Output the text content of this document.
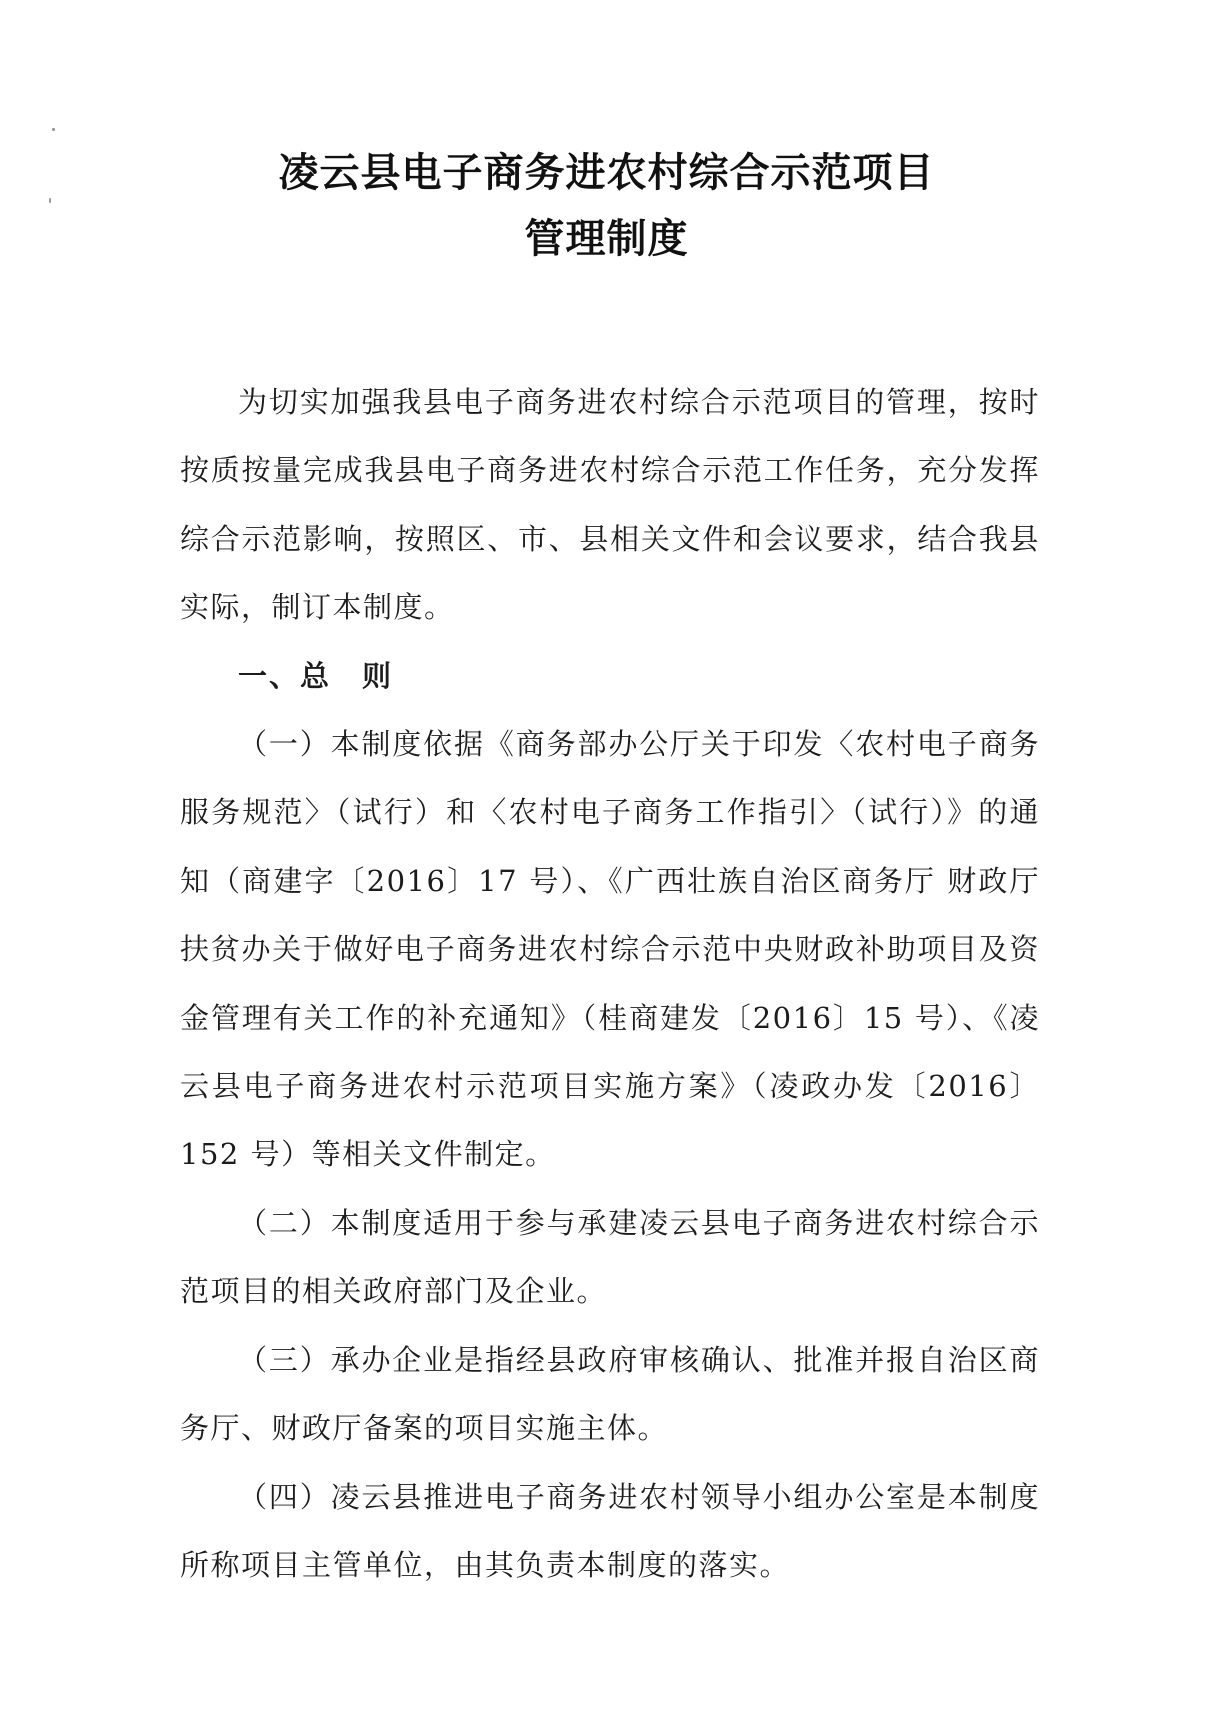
凌云县电子商务进农村综合示范项目
管理制度

为切实加强我县电子商务进农村综合示范项目的管理，按时按质按量完成我县电子商务进农村综合示范工作任务，充分发挥综合示范影响，按照区、市、县相关文件和会议要求，结合我县实际，制订本制度。

一、总　则

（一）本制度依据《商务部办公厅关于印发〈农村电子商务服务规范〉（试行）和〈农村电子商务工作指引〉（试行）》的通知（商建字〔2016〕17 号）、《广西壮族自治区商务厅 财政厅扶贫办关于做好电子商务进农村综合示范中央财政补助项目及资金管理有关工作的补充通知》（桂商建发〔2016〕15 号）、《凌云县电子商务进农村示范项目实施方案》（凌政办发〔2016〕152 号）等相关文件制定。

（二）本制度适用于参与承建凌云县电子商务进农村综合示范项目的相关政府部门及企业。

（三）承办企业是指经县政府审核确认、批准并报自治区商务厅、财政厅备案的项目实施主体。

（四）凌云县推进电子商务进农村领导小组办公室是本制度所称项目主管单位，由其负责本制度的落实。
